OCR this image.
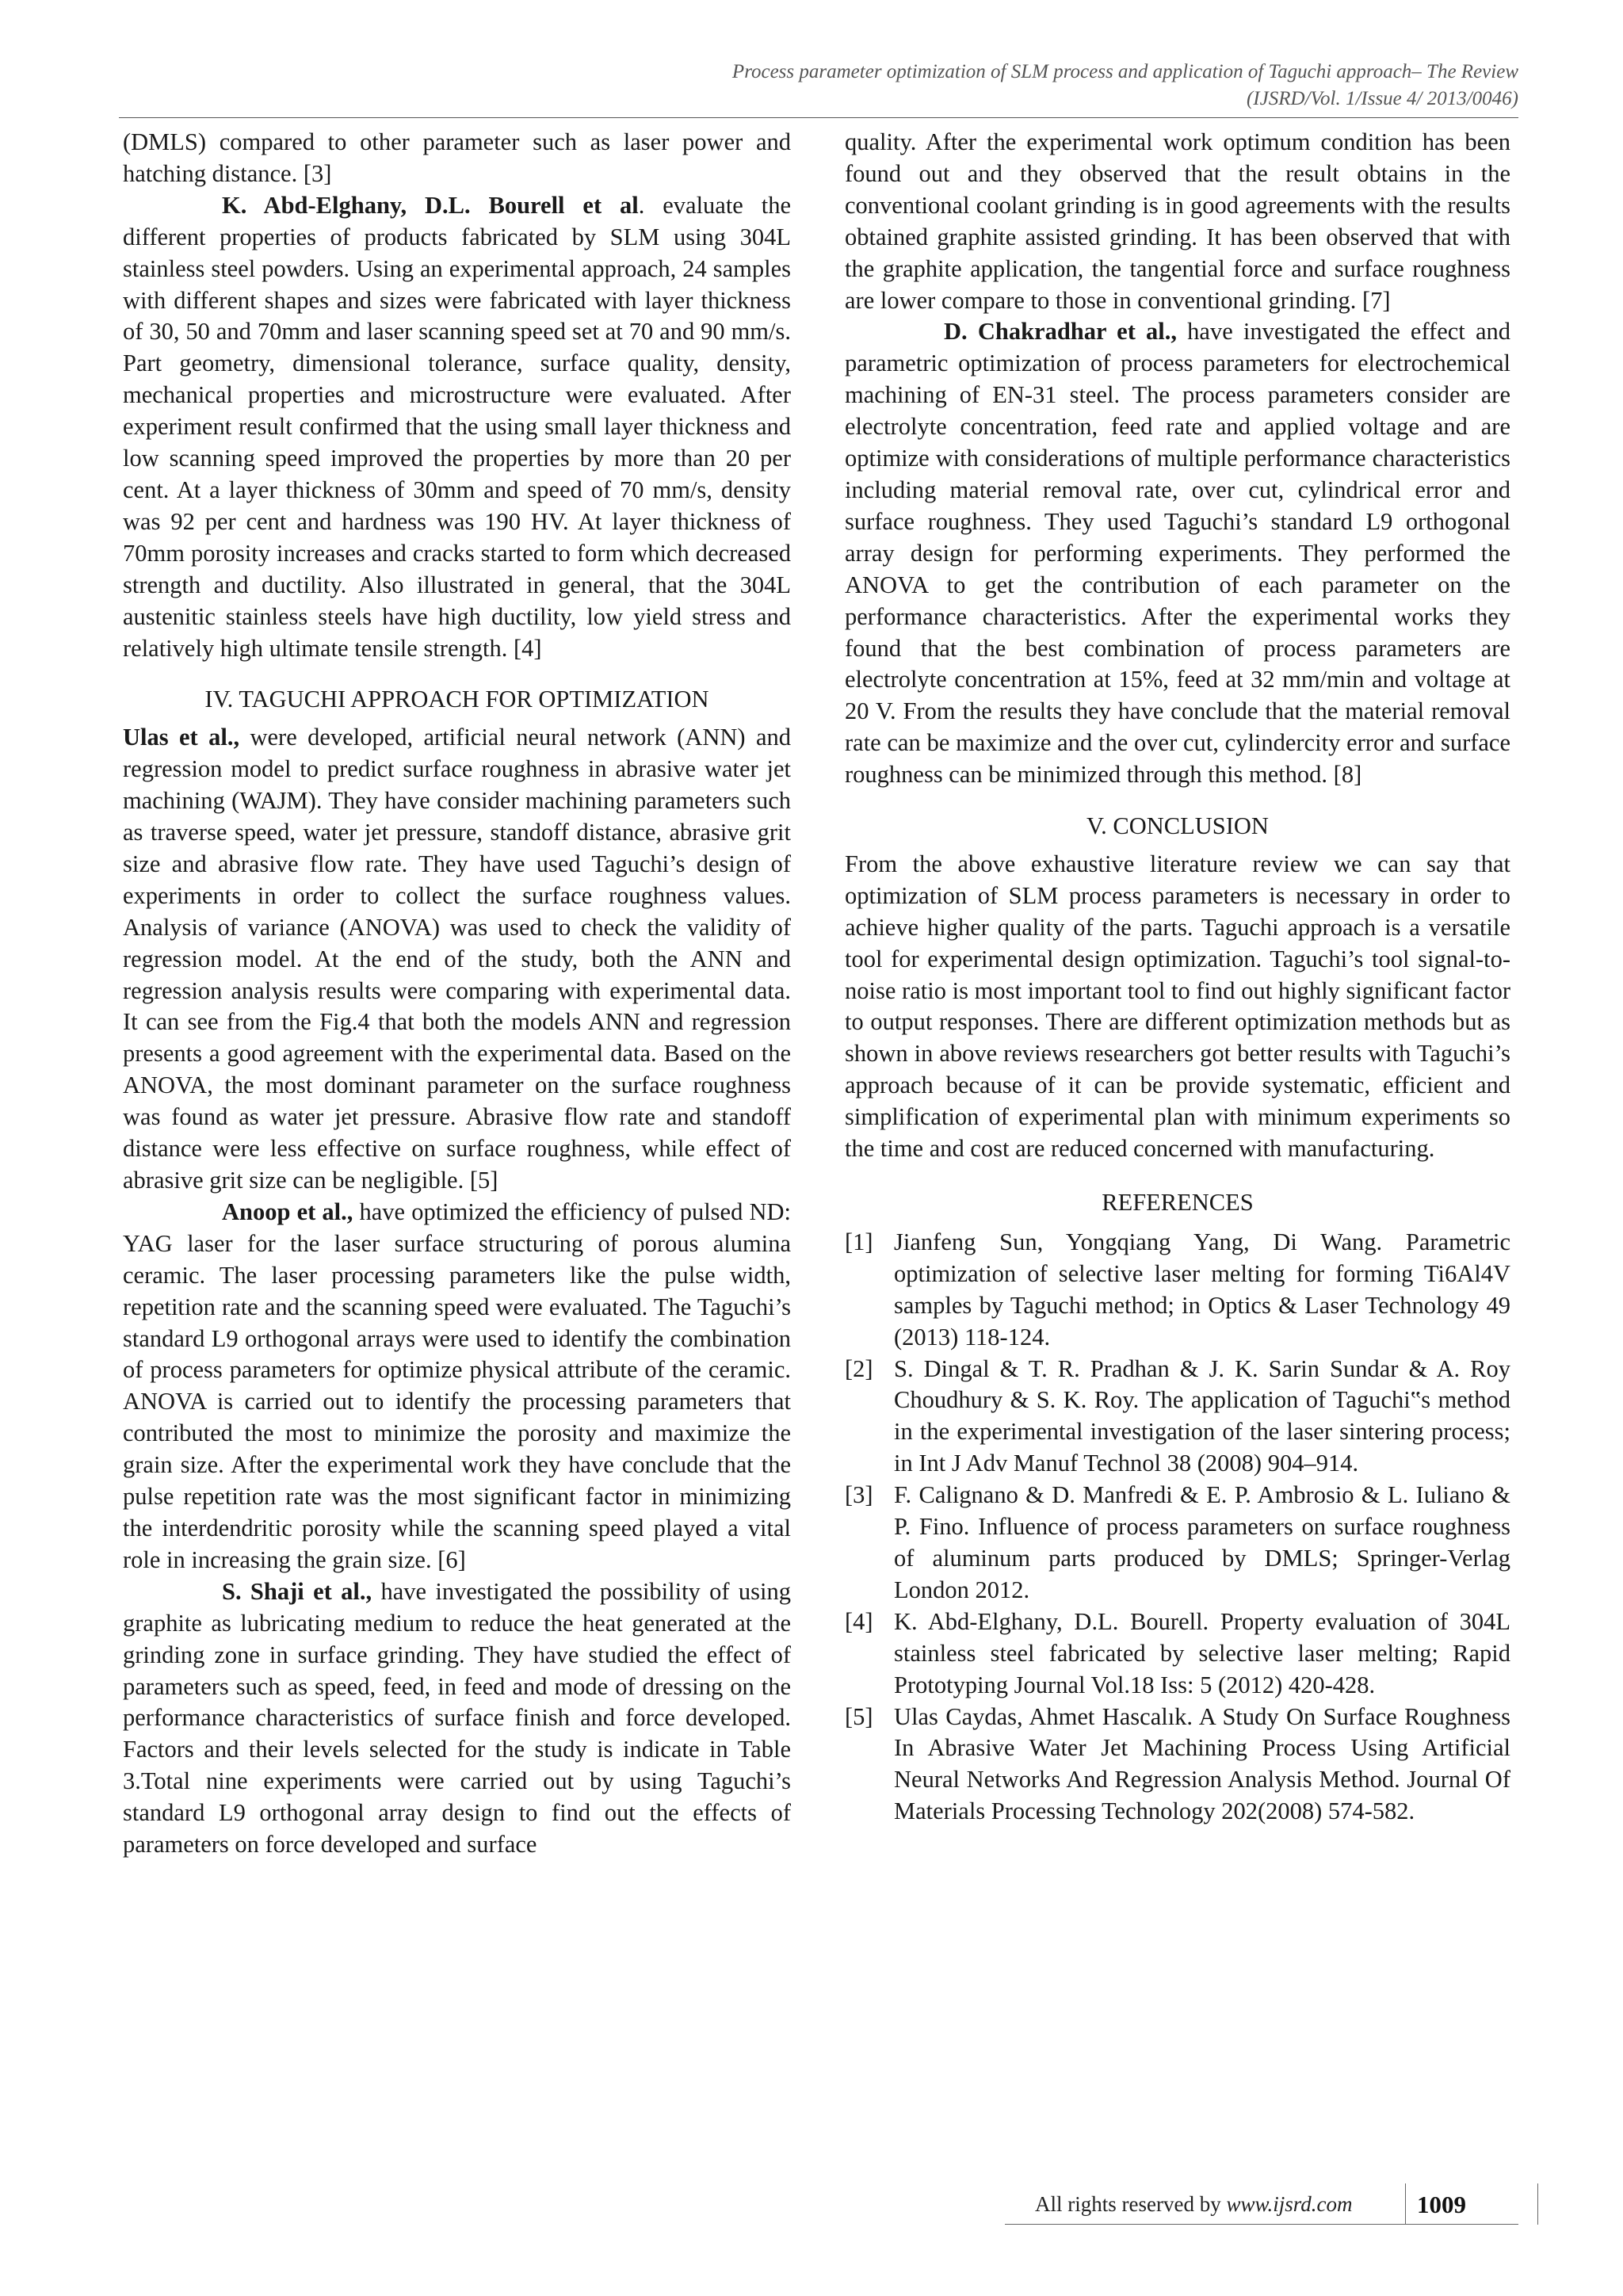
Process parameter optimization of SLM process and application of Taguchi approach– The Review
(IJSRD/Vol. 1/Issue 4/ 2013/0046)

(DMLS) compared to other parameter such as laser power and hatching distance. [3]

K. Abd-Elghany, D.L. Bourell et al. evaluate the different properties of products fabricated by SLM using 304L stainless steel powders. Using an experimental approach, 24 samples with different shapes and sizes were fabricated with layer thickness of 30, 50 and 70mm and laser scanning speed set at 70 and 90 mm/s. Part geometry, dimensional tolerance, surface quality, density, mechanical properties and microstructure were evaluated. After experiment result confirmed that the using small layer thickness and low scanning speed improved the properties by more than 20 per cent. At a layer thickness of 30mm and speed of 70 mm/s, density was 92 per cent and hardness was 190 HV. At layer thickness of 70mm porosity increases and cracks started to form which decreased strength and ductility. Also illustrated in general, that the 304L austenitic stainless steels have high ductility, low yield stress and relatively high ultimate tensile strength. [4]

IV. TAGUCHI APPROACH FOR OPTIMIZATION

Ulas et al., were developed, artificial neural network (ANN) and regression model to predict surface roughness in abrasive water jet machining (WAJM). They have consider machining parameters such as traverse speed, water jet pressure, standoff distance, abrasive grit size and abrasive flow rate. They have used Taguchi’s design of experiments in order to collect the surface roughness values. Analysis of variance (ANOVA) was used to check the validity of regression model. At the end of the study, both the ANN and regression analysis results were comparing with experimental data. It can see from the Fig.4 that both the models ANN and regression presents a good agreement with the experimental data. Based on the ANOVA, the most dominant parameter on the surface roughness was found as water jet pressure. Abrasive flow rate and standoff distance were less effective on surface roughness, while effect of abrasive grit size can be negligible. [5]

Anoop et al., have optimized the efficiency of pulsed ND: YAG laser for the laser surface structuring of porous alumina ceramic. The laser processing parameters like the pulse width, repetition rate and the scanning speed were evaluated. The Taguchi’s standard L9 orthogonal arrays were used to identify the combination of process parameters for optimize physical attribute of the ceramic. ANOVA is carried out to identify the processing parameters that contributed the most to minimize the porosity and maximize the grain size. After the experimental work they have conclude that the pulse repetition rate was the most significant factor in minimizing the interdendritic porosity while the scanning speed played a vital role in increasing the grain size. [6]

S. Shaji et al., have investigated the possibility of using graphite as lubricating medium to reduce the heat generated at the grinding zone in surface grinding. They have studied the effect of parameters such as speed, feed, in feed and mode of dressing on the performance characteristics of surface finish and force developed. Factors and their levels selected for the study is indicate in Table 3.Total nine experiments were carried out by using Taguchi’s standard L9 orthogonal array design to find out the effects of parameters on force developed and surface

quality. After the experimental work optimum condition has been found out and they observed that the result obtains in the conventional coolant grinding is in good agreements with the results obtained graphite assisted grinding. It has been observed that with the graphite application, the tangential force and surface roughness are lower compare to those in conventional grinding. [7]

D. Chakradhar et al., have investigated the effect and parametric optimization of process parameters for electrochemical machining of EN-31 steel. The process parameters consider are electrolyte concentration, feed rate and applied voltage and are optimize with considerations of multiple performance characteristics including material removal rate, over cut, cylindrical error and surface roughness. They used Taguchi’s standard L9 orthogonal array design for performing experiments. They performed the ANOVA to get the contribution of each parameter on the performance characteristics. After the experimental works they found that the best combination of process parameters are electrolyte concentration at 15%, feed at 32 mm/min and voltage at 20 V. From the results they have conclude that the material removal rate can be maximize and the over cut, cylindercity error and surface roughness can be minimized through this method. [8]

V. CONCLUSION

From the above exhaustive literature review we can say that optimization of SLM process parameters is necessary in order to achieve higher quality of the parts. Taguchi approach is a versatile tool for experimental design optimization. Taguchi’s tool signal-to-noise ratio is most important tool to find out highly significant factor to output responses. There are different optimization methods but as shown in above reviews researchers got better results with Taguchi’s approach because of it can be provide systematic, efficient and simplification of experimental plan with minimum experiments so the time and cost are reduced concerned with manufacturing.

REFERENCES
[1] Jianfeng Sun, Yongqiang Yang, Di Wang. Parametric optimization of selective laser melting for forming Ti6Al4V samples by Taguchi method; in Optics & Laser Technology 49 (2013) 118-124.
[2] S. Dingal & T. R. Pradhan & J. K. Sarin Sundar & A. Roy Choudhury & S. K. Roy. The application of Taguchi‟s method in the experimental investigation of the laser sintering process; in Int J Adv Manuf Technol 38 (2008) 904–914.
[3] F. Calignano & D. Manfredi & E. P. Ambrosio & L. Iuliano & P. Fino. Influence of process parameters on surface roughness of aluminum parts produced by DMLS; Springer-Verlag London 2012.
[4] K. Abd-Elghany, D.L. Bourell. Property evaluation of 304L stainless steel fabricated by selective laser melting; Rapid Prototyping Journal Vol.18 Iss: 5 (2012) 420-428.
[5] Ulas Caydas, Ahmet Hascalık. A Study On Surface Roughness In Abrasive Water Jet Machining Process Using Artificial Neural Networks And Regression Analysis Method. Journal Of Materials Processing Technology 202(2008) 574-582.
All rights reserved by www.ijsrd.com	1009
